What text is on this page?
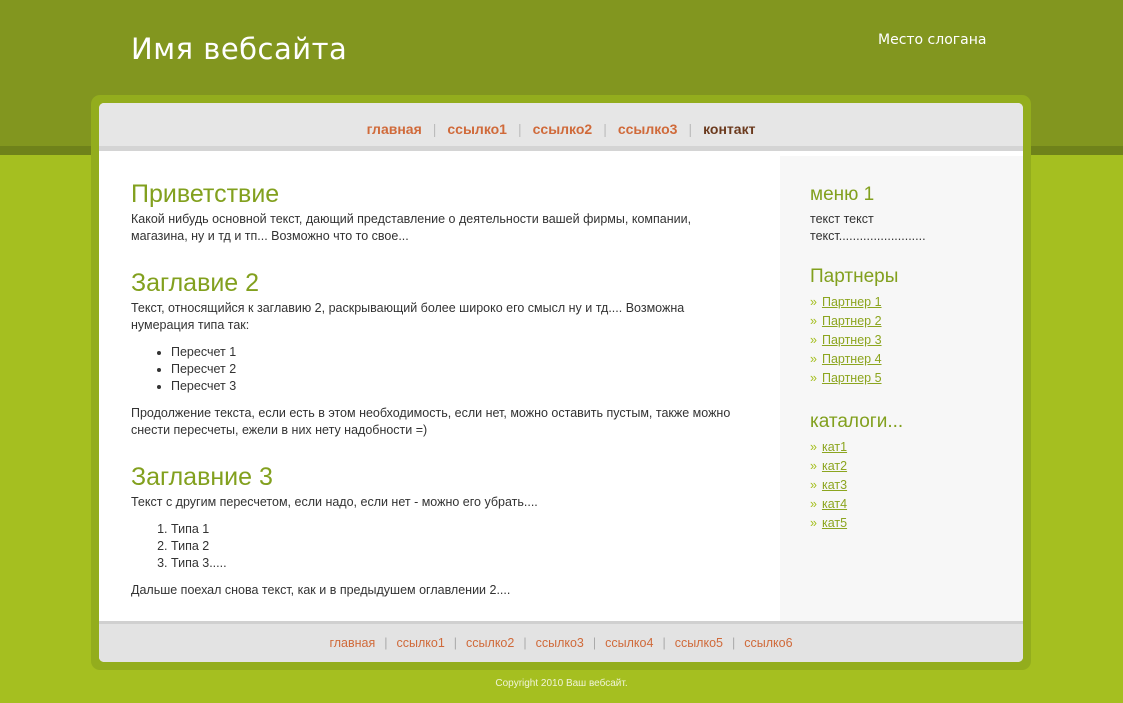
Имя вебсайта	Место слогана
главная | ссылко1 | ссылко2 | ссылко3 | контакт
Приветствие

Какой нибудь основной текст, дающий представление о деятельности вашей фирмы, компании, магазина, ну и тд и тп... Возможно что то свое...

Заглавие 2

Текст, относящийся к заглавию 2, раскрывающий более широко его смысл ну и тд.... Возможна нумерация типа так:

• Пересчет 1
• Пересчет 2
• Пересчет 3

Продолжение текста, если есть в этом необходимость, если нет, можно оставить пустым, также можно снести пересчеты, ежели в них нету надобности =)

Заглавние 3

Текст с другим пересчетом, если надо, если нет - можно его убрать....

1. Типа 1
2. Типа 2
3. Типа 3.....

Дальше поехал снова текст, как и в предыдушем оглавлении 2....

меню 1
текст текст текст.........................
Партнеры
» Партнер 1
» Партнер 2
» Партнер 3
» Партнер 4
» Партнер 5
каталоги...
» кат1
» кат2
» кат3
» кат4
» кат5
главная | ссылко1 | ссылко2 | ссылко3 | ссылко4 | ссылко5 | ссылко6
Copyright 2010 Ваш вебсайт.
